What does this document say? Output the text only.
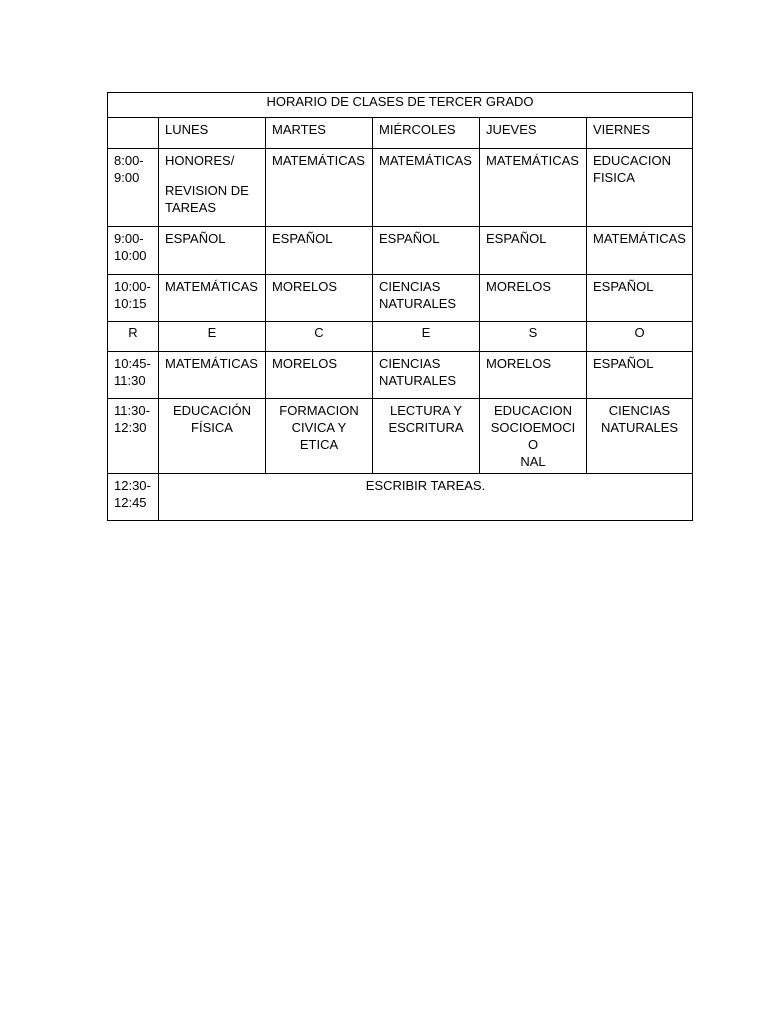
HORARIO DE CLASES DE TERCER GRADO					

	LUNES	MARTES	MIÉRCOLES	JUEVES	VIERNES

8:00-
9:00	HONORES/
REVISION DE
TAREAS	MATEMÁTICAS	MATEMÁTICAS	MATEMÁTICAS	EDUCACION
FISICA

9:00-
10:00	ESPAÑOL	ESPAÑOL	ESPAÑOL	ESPAÑOL	MATEMÁTICAS

10:00-
10:15	MATEMÁTICAS	MORELOS	CIENCIAS
NATURALES	MORELOS	ESPAÑOL

R	E	C	E	S	O

10:45-
11:30	MATEMÁTICAS	MORELOS	CIENCIAS
NATURALES	MORELOS	ESPAÑOL

11:30-
12:30	EDUCACIÓN
FÍSICA	FORMACION
CIVICA Y
ETICA	LECTURA Y
ESCRITURA	EDUCACION
SOCIOEMOCIO
NAL	CIENCIAS
NATURALES

12:30-
12:45	ESCRIBIR TAREAS.				
